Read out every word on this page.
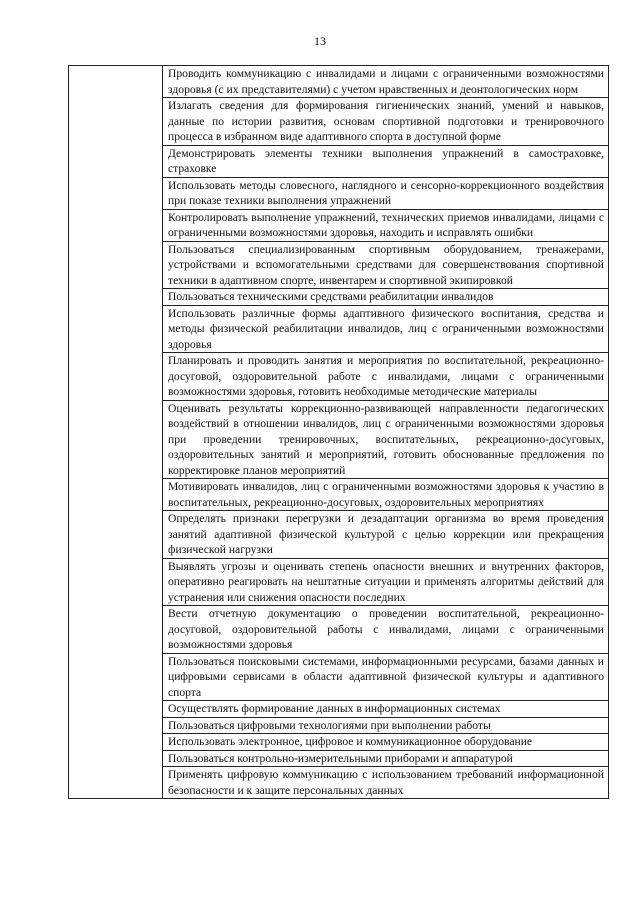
13

Проводить коммуникацию с инвалидами и лицами с ограниченными возможностями здоровья (с их представителями) с учетом нравственных и деонтологических норм

Излагать сведения для формирования гигиенических знаний, умений и навыков, данные по истории развития, основам спортивной подготовки и тренировочного процесса в избранном виде адаптивного спорта в доступной форме

Демонстрировать элементы техники выполнения упражнений в самостраховке, страховке

Использовать методы словесного, наглядного и сенсорно-коррекционного воздействия при показе техники выполнения упражнений

Контролировать выполнение упражнений, технических приемов инвалидами, лицами с ограниченными возможностями здоровья, находить и исправлять ошибки

Пользоваться специализированным спортивным оборудованием, тренажерами, устройствами и вспомогательными средствами для совершенствования спортивной техники в адаптивном спорте, инвентарем и спортивной экипировкой

Пользоваться техническими средствами реабилитации инвалидов

Использовать различные формы адаптивного физического воспитания, средства и методы физической реабилитации инвалидов, лиц с ограниченными возможностями здоровья

Планировать и проводить занятия и мероприятия по воспитательной, рекреационно-досуговой, оздоровительной работе с инвалидами, лицами с ограниченными возможностями здоровья, готовить необходимые методические материалы

Оценивать результаты коррекционно-развивающей направленности педагогических воздействий в отношении инвалидов, лиц с ограниченными возможностями здоровья при проведении тренировочных, воспитательных, рекреационно-досуговых, оздоровительных занятий и мероприятий, готовить обоснованные предложения по корректировке планов мероприятий

Мотивировать инвалидов, лиц с ограниченными возможностями здоровья к участию в воспитательных, рекреационно-досуговых, оздоровительных мероприятиях

Определять признаки перегрузки и дезадаптации организма во время проведения занятий адаптивной физической культурой с целью коррекции или прекращения физической нагрузки

Выявлять угрозы и оценивать степень опасности внешних и внутренних факторов, оперативно реагировать на нештатные ситуации и применять алгоритмы действий для устранения или снижения опасности последних

Вести отчетную документацию о проведении воспитательной, рекреационно-досуговой, оздоровительной работы с инвалидами, лицами с ограниченными возможностями здоровья

Пользоваться поисковыми системами, информационными ресурсами, базами данных и цифровыми сервисами в области адаптивной физической культуры и адаптивного спорта

Осуществлять формирование данных в информационных системах

Пользоваться цифровыми технологиями при выполнении работы

Использовать электронное, цифровое и коммуникационное оборудование

Пользоваться контрольно-измерительными приборами и аппаратурой

Применять цифровую коммуникацию с использованием требований информационной безопасности и к защите персональных данных
